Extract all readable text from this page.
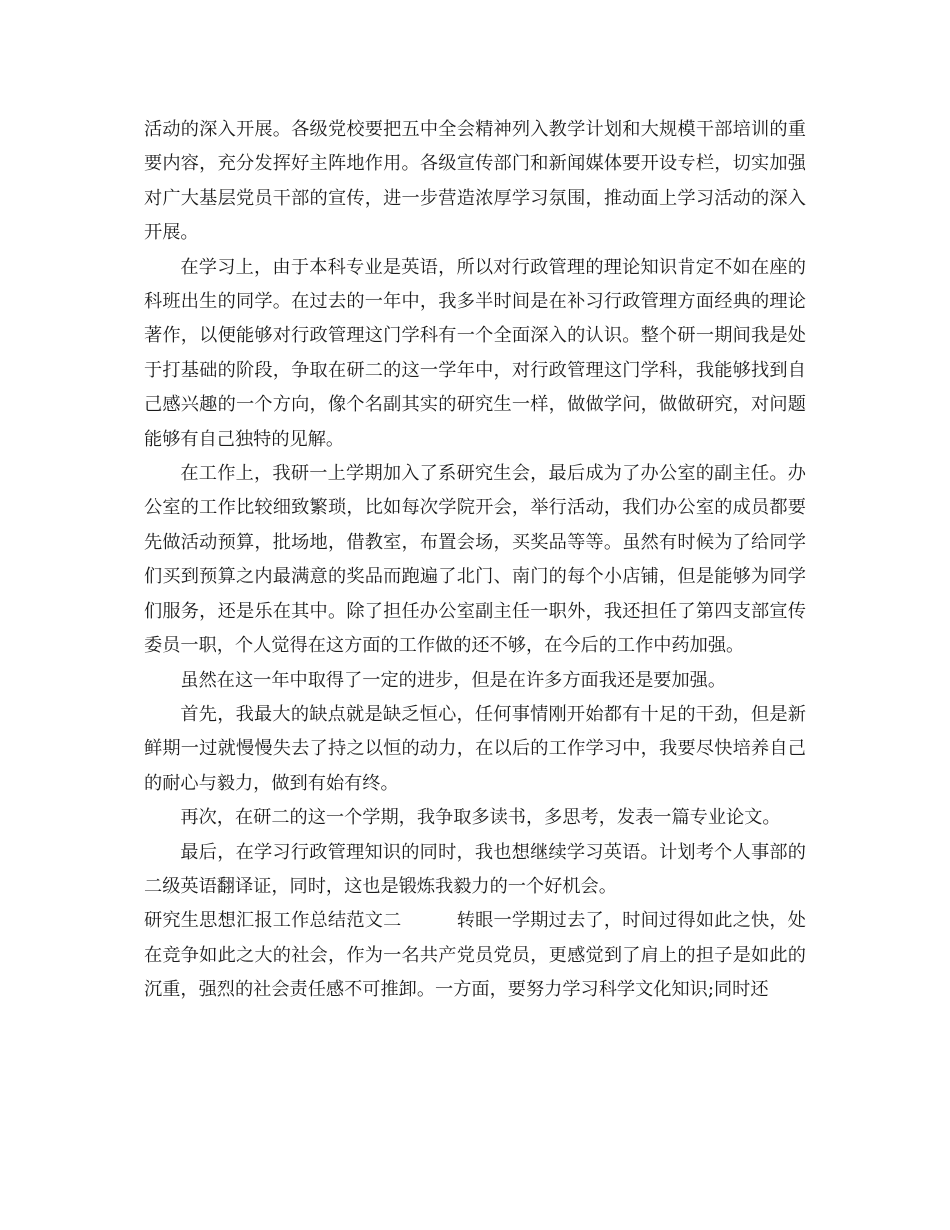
活动的深入开展。各级党校要把五中全会精神列入教学计划和大规模干部培训的重要内容，充分发挥好主阵地作用。各级宣传部门和新闻媒体要开设专栏，切实加强对广大基层党员干部的宣传，进一步营造浓厚学习氛围，推动面上学习活动的深入开展。

在学习上，由于本科专业是英语，所以对行政管理的理论知识肯定不如在座的科班出生的同学。在过去的一年中，我多半时间是在补习行政管理方面经典的理论著作，以便能够对行政管理这门学科有一个全面深入的认识。整个研一期间我是处于打基础的阶段，争取在研二的这一学年中，对行政管理这门学科，我能够找到自己感兴趣的一个方向，像个名副其实的研究生一样，做做学问，做做研究，对问题能够有自己独特的见解。

在工作上，我研一上学期加入了系研究生会，最后成为了办公室的副主任。办公室的工作比较细致繁琐，比如每次学院开会，举行活动，我们办公室的成员都要先做活动预算，批场地，借教室，布置会场，买奖品等等。虽然有时候为了给同学们买到预算之内最满意的奖品而跑遍了北门、南门的每个小店铺，但是能够为同学们服务，还是乐在其中。除了担任办公室副主任一职外，我还担任了第四支部宣传委员一职，个人觉得在这方面的工作做的还不够，在今后的工作中药加强。

虽然在这一年中取得了一定的进步，但是在许多方面我还是要加强。

首先，我最大的缺点就是缺乏恒心，任何事情刚开始都有十足的干劲，但是新鲜期一过就慢慢失去了持之以恒的动力，在以后的工作学习中，我要尽快培养自己的耐心与毅力，做到有始有终。

再次，在研二的这一个学期，我争取多读书，多思考，发表一篇专业论文。

最后，在学习行政管理知识的同时，我也想继续学习英语。计划考个人事部的二级英语翻译证，同时，这也是锻炼我毅力的一个好机会。

研究生思想汇报工作总结范文二　　　	转眼一学期过去了，时间过得如此之快，处在竞争如此之大的社会，作为一名共产党员党员，更感觉到了肩上的担子是如此的沉重，强烈的社会责任感不可推卸。一方面，要努力学习科学文化知识;同时还
